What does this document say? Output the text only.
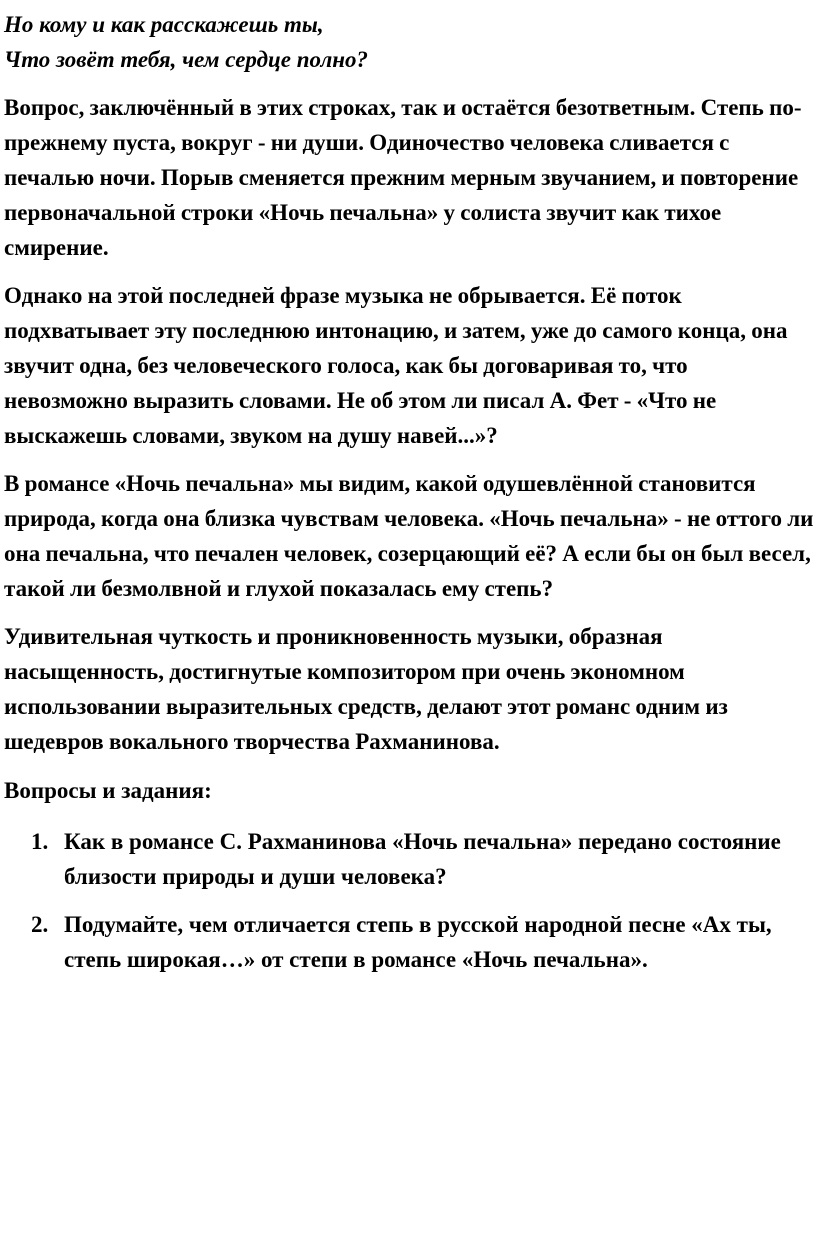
Но кому и как расскажешь ты,
Что зовёт тебя, чем сердце полно?

Вопрос, заключённый в этих строках, так и остаётся безответным. Степь по-прежнему пуста, вокруг - ни души. Одиночество человека сливается с печалью ночи. Порыв сменяется прежним мерным звучанием, и повторение первоначальной строки «Ночь печальна» у солиста звучит как тихое смирение.

Однако на этой последней фразе музыка не обрывается. Её поток подхватывает эту последнюю интонацию, и затем, уже до самого конца, она звучит одна, без человеческого голоса, как бы договаривая то, что невозможно выразить словами. Не об этом ли писал А. Фет - «Что не выскажешь словами, звуком на душу навей...»?

В романсе «Ночь печальна» мы видим, какой одушевлённой становится природа, когда она близка чувствам человека. «Ночь печальна» - не оттого ли она печальна, что печален человек, созерцающий её? А если бы он был весел, такой ли безмолвной и глухой показалась ему степь?

Удивительная чуткость и проникновенность музыки, образная насыщенность, достигнутые композитором при очень экономном использовании выразительных средств, делают этот романс одним из шедевров вокального творчества Рахманинова.

Вопросы и задания:

1. Как в романсе С. Рахманинова «Ночь печальна» передано состояние близости природы и души человека?
2. Подумайте, чем отличается степь в русской народной песне «Ах ты, степь широкая…» от степи в романсе «Ночь печальна».
